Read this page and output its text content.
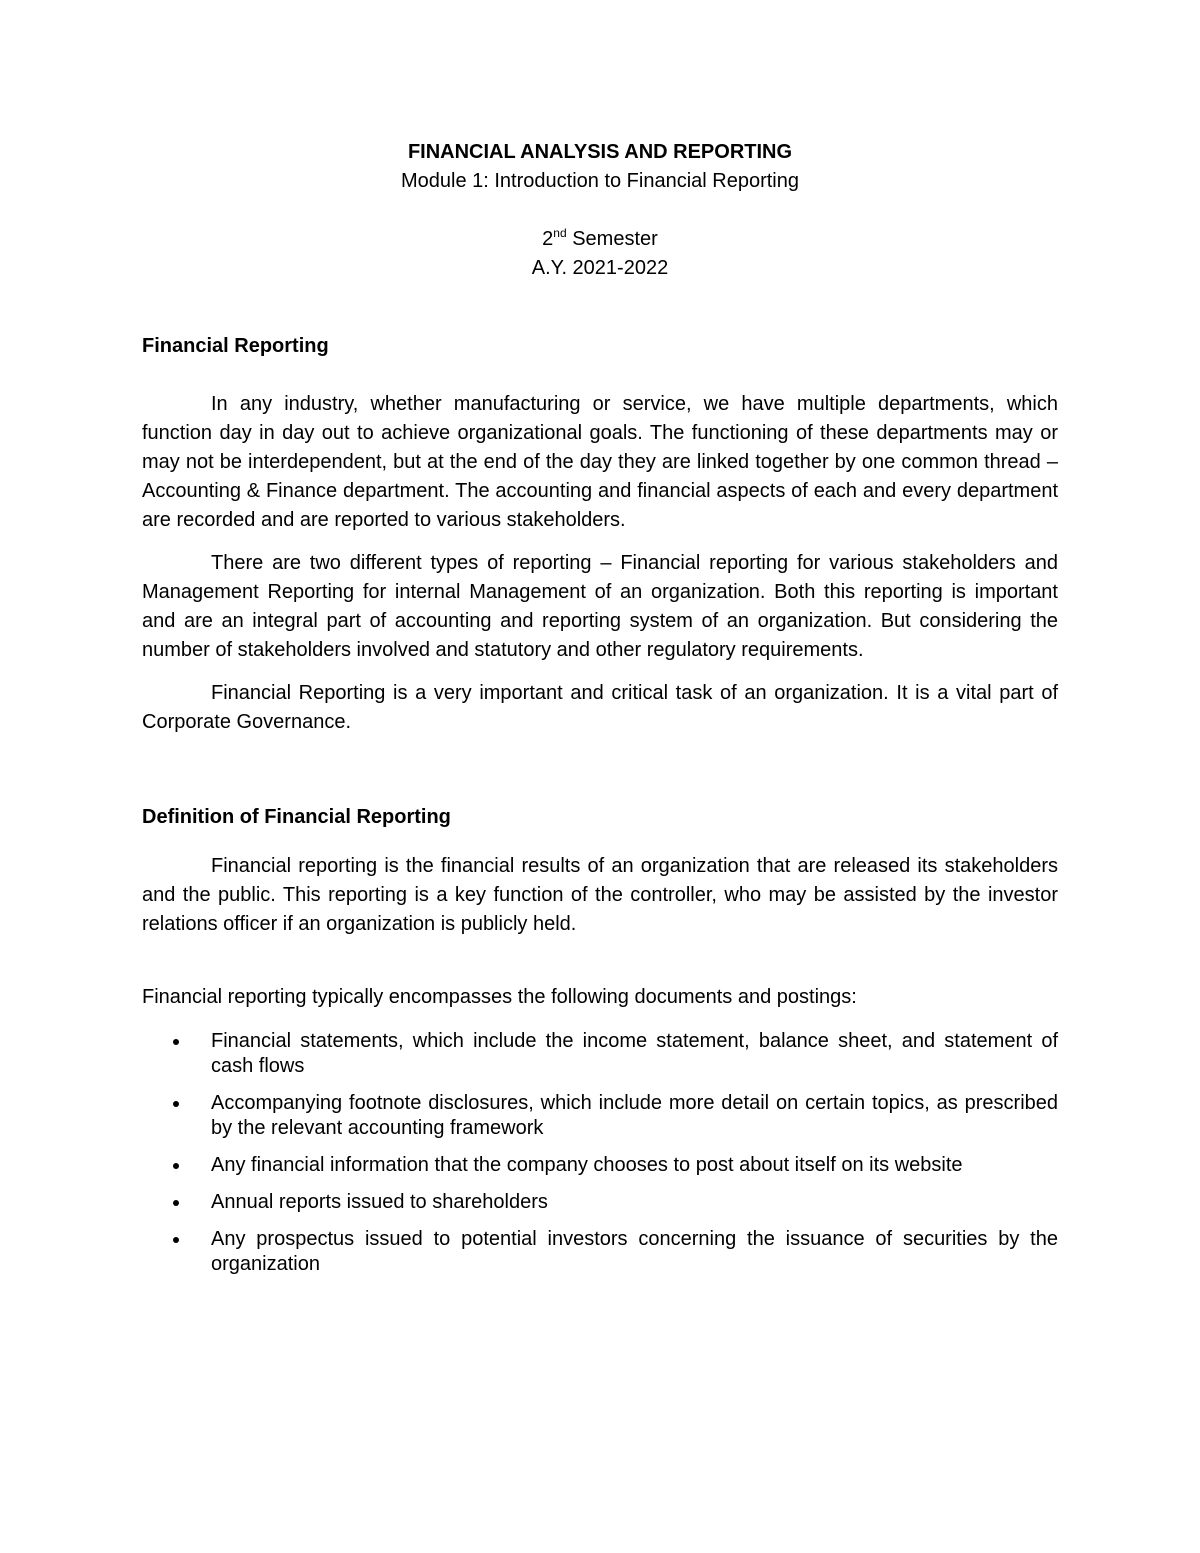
FINANCIAL ANALYSIS AND REPORTING

Module 1: Introduction to Financial Reporting

2nd Semester

A.Y. 2021-2022

Financial Reporting

In any industry, whether manufacturing or service, we have multiple departments, which function day in day out to achieve organizational goals. The functioning of these departments may or may not be interdependent, but at the end of the day they are linked together by one common thread – Accounting & Finance department. The accounting and financial aspects of each and every department are recorded and are reported to various stakeholders.

There are two different types of reporting – Financial reporting for various stakeholders and Management Reporting for internal Management of an organization. Both this reporting is important and are an integral part of accounting and reporting system of an organization. But considering the number of stakeholders involved and statutory and other regulatory requirements.

Financial Reporting is a very important and critical task of an organization. It is a vital part of Corporate Governance.

Definition of Financial Reporting

Financial reporting is the financial results of an organization that are released its stakeholders and the public. This reporting is a key function of the controller, who may be assisted by the investor relations officer if an organization is publicly held.

Financial reporting typically encompasses the following documents and postings:

Financial statements, which include the income statement, balance sheet, and statement of cash flows
Accompanying footnote disclosures, which include more detail on certain topics, as prescribed by the relevant accounting framework
Any financial information that the company chooses to post about itself on its website
Annual reports issued to shareholders
Any prospectus issued to potential investors concerning the issuance of securities by the organization
